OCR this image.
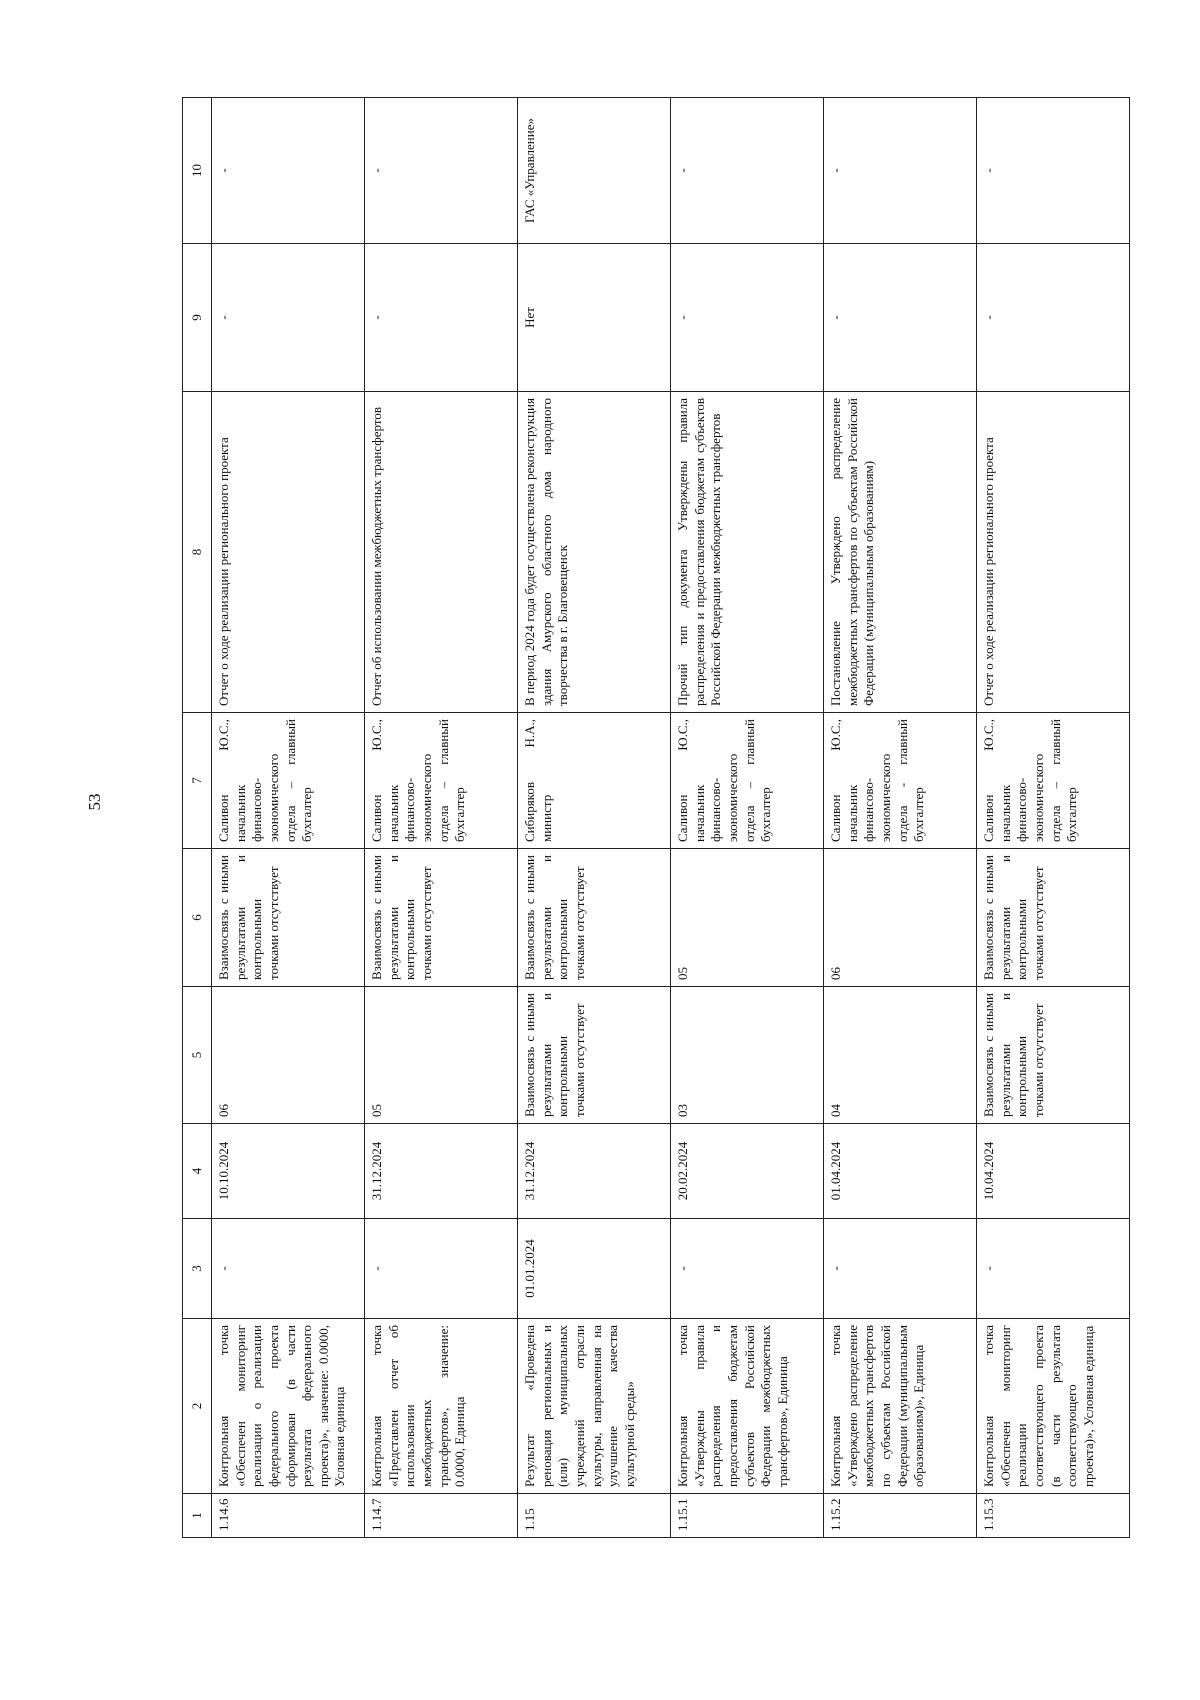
53
1	2	3	4	5	6	7	8	9	10
1.14.6	Контрольная точка «Обеспечен мониторинг реализации о реализации федерального проекта сформирован (в части результата федерального проекта)», значение: 0.0000, Условная единица	-	10.10.2024	06	Взаимосвязь с иными результатами и контрольными точками отсутствует	Саливон Ю.С., начальник финансово-экономического отдела – главный бухгалтер	Отчет о ходе реализации регионального проекта	-	-
1.14.7	Контрольная точка «Представлен отчет об использовании межбюджетных трансфертов», значение: 0.0000, Единица	-	31.12.2024	05	Взаимосвязь с иными результатами и контрольными точками отсутствует	Саливон Ю.С., начальник финансово-экономического отдела – главный бухгалтер	Отчет об использовании межбюджетных трансфертов	-	-
1.15	Результат «Проведена реновация региональных и (или) муниципальных учреждений отрасли культуры, направленная на улучшение качества культурной среды»	01.01.2024	31.12.2024	Взаимосвязь с иными результатами и контрольными точками отсутствует	Взаимосвязь с иными результатами и контрольными точками отсутствует	Сибиряков Н.А., министр	В период 2024 года будет осуществлена реконструкция здания Амурского областного дома народного творчества в г. Благовещенск	Нет	ГАС «Управление»
1.15.1	Контрольная точка «Утверждены правила распределения и предоставления бюджетам субъектов Российской Федерации межбюджетных трансфертов», Единица	-	20.02.2024	03	05	Саливон Ю.С., начальник финансово-экономического отдела – главный бухгалтер	Прочий тип документа Утверждены правила распределения и предоставления бюджетам субъектов Российской Федерации межбюджетных трансфертов	-	-
1.15.2	Контрольная точка «Утверждено распределение межбюджетных трансфертов по субъектам Российской Федерации (муниципальным образованиям)», Единица	-	01.04.2024	04	06	Саливон Ю.С., начальник финансово-экономического отдела - главный бухгалтер	Постановление Утверждено распределение межбюджетных трансфертов по субъектам Российской Федерации (муниципальным образованиям)	-	-
1.15.3	Контрольная точка «Обеспечен мониторинг реализации соответствующего проекта (в части результата соответствующего проекта)», Условная единица	-	10.04.2024	Взаимосвязь с иными результатами и контрольными точками отсутствует	Взаимосвязь с иными результатами и контрольными точками отсутствует	Саливон Ю.С., начальник финансово-экономического отдела – главный бухгалтер	Отчет о ходе реализации регионального проекта	-	-
